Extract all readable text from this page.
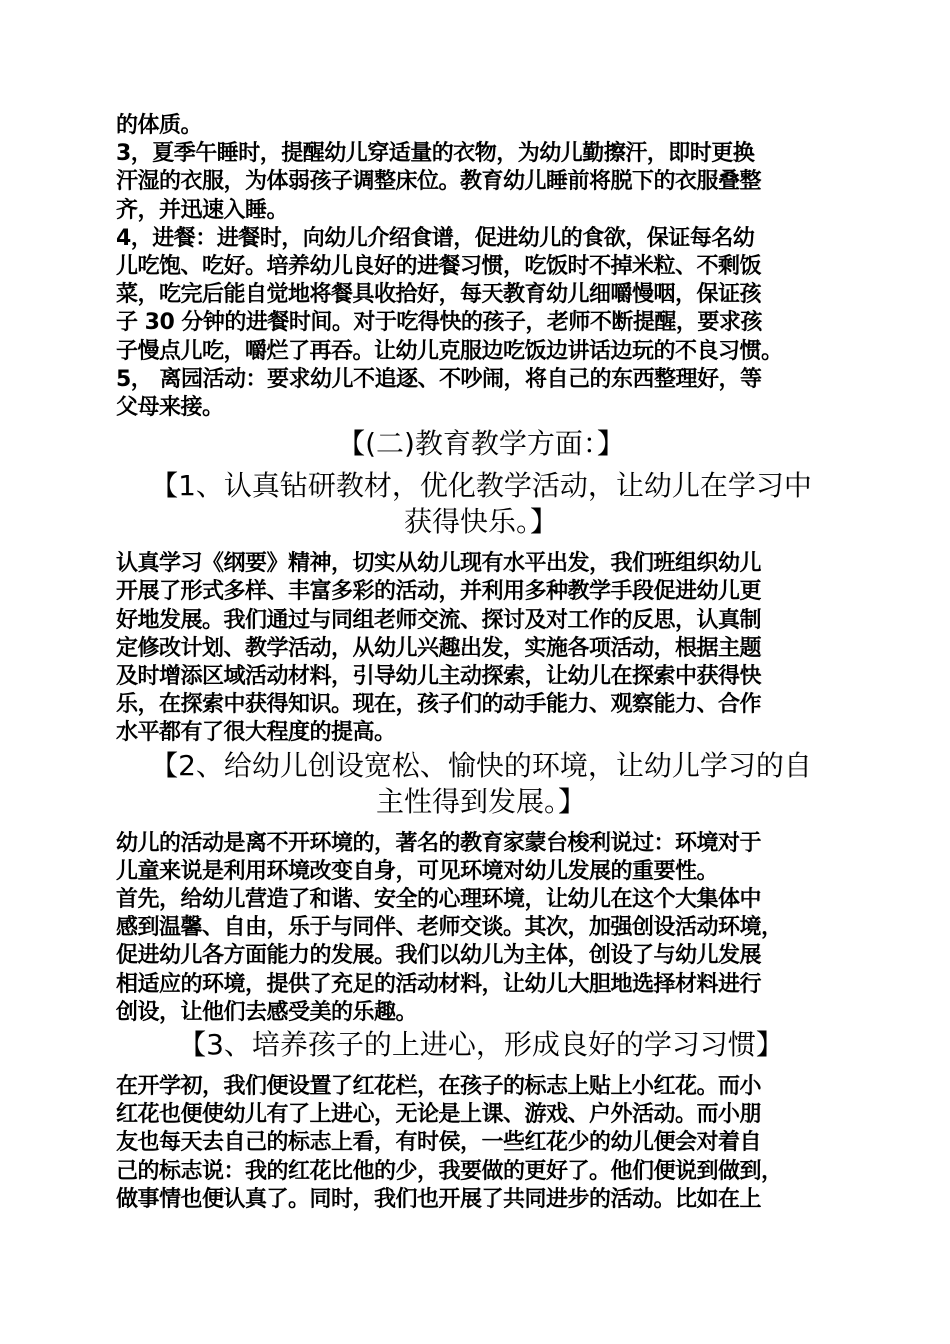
的体质。
3，夏季午睡时，提醒幼儿穿适量的衣物，为幼儿勤擦汗，即时更换
汗湿的衣服，为体弱孩子调整床位。教育幼儿睡前将脱下的衣服叠整
齐，并迅速入睡。
4，进餐：进餐时，向幼儿介绍食谱，促进幼儿的食欲，保证每名幼
儿吃饱、吃好。培养幼儿良好的进餐习惯，吃饭时不掉米粒、不剩饭
菜，吃完后能自觉地将餐具收拾好，每天教育幼儿细嚼慢咽，保证孩
子 30 分钟的进餐时间。对于吃得快的孩子，老师不断提醒，要求孩
子慢点儿吃，嚼烂了再吞。让幼儿克服边吃饭边讲话边玩的不良习惯。
5， 离园活动：要求幼儿不追逐、不吵闹，将自己的东西整理好，等
父母来接。

【(二)教育教学方面：】
【1、认真钻研教材，优化教学活动，让幼儿在学习中
获得快乐。】

认真学习《纲要》精神，切实从幼儿现有水平出发，我们班组织幼儿
开展了形式多样、丰富多彩的活动，并利用多种教学手段促进幼儿更
好地发展。我们通过与同组老师交流、探讨及对工作的反思，认真制
定修改计划、教学活动，从幼儿兴趣出发，实施各项活动，根据主题
及时增添区域活动材料，引导幼儿主动探索，让幼儿在探索中获得快
乐，在探索中获得知识。现在，孩子们的动手能力、观察能力、合作
水平都有了很大程度的提高。

【2、给幼儿创设宽松、愉快的环境，让幼儿学习的自
主性得到发展。】

幼儿的活动是离不开环境的，著名的教育家蒙台梭利说过：环境对于
儿童来说是利用环境改变自身，可见环境对幼儿发展的重要性。
首先，给幼儿营造了和谐、安全的心理环境，让幼儿在这个大集体中
感到温馨、自由，乐于与同伴、老师交谈。其次，加强创设活动环境，
促进幼儿各方面能力的发展。我们以幼儿为主体，创设了与幼儿发展
相适应的环境，提供了充足的活动材料，让幼儿大胆地选择材料进行
创设，让他们去感受美的乐趣。

【3、培养孩子的上进心，形成良好的学习习惯】

在开学初，我们便设置了红花栏，在孩子的标志上贴上小红花。而小
红花也便使幼儿有了上进心，无论是上课、游戏、户外活动。而小朋
友也每天去自己的标志上看，有时侯，一些红花少的幼儿便会对着自
己的标志说：我的红花比他的少，我要做的更好了。他们便说到做到，
做事情也便认真了。同时，我们也开展了共同进步的活动。比如在上
